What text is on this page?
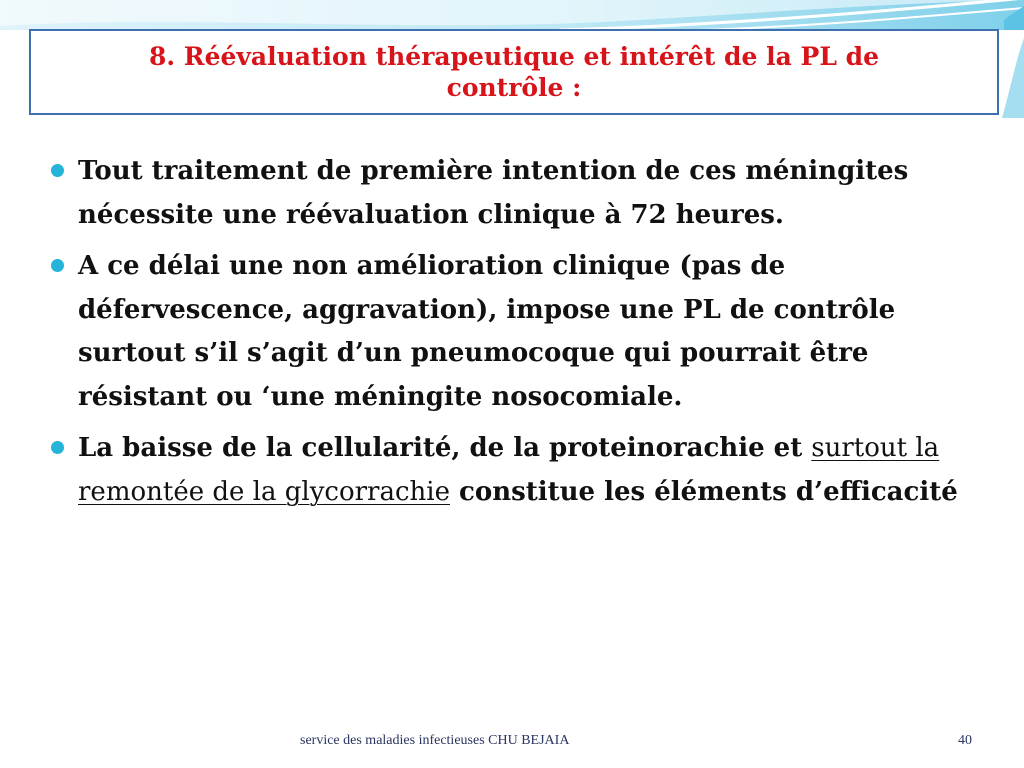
8. Réévaluation thérapeutique et intérêt de la PL de
contrôle :
Tout traitement de première intention de ces méningites nécessite une réévaluation clinique à 72 heures.
A ce délai une non amélioration clinique (pas de défervescence, aggravation), impose une PL de contrôle surtout s’il s’agit d’un pneumocoque qui pourrait être résistant ou ‘une méningite nosocomiale.
La baisse de la cellularité, de la proteinorachie et surtout la remontée de la glycorrachie constitue les éléments d’efficacité
service des maladies infectieuses CHU BEJAIA	40
